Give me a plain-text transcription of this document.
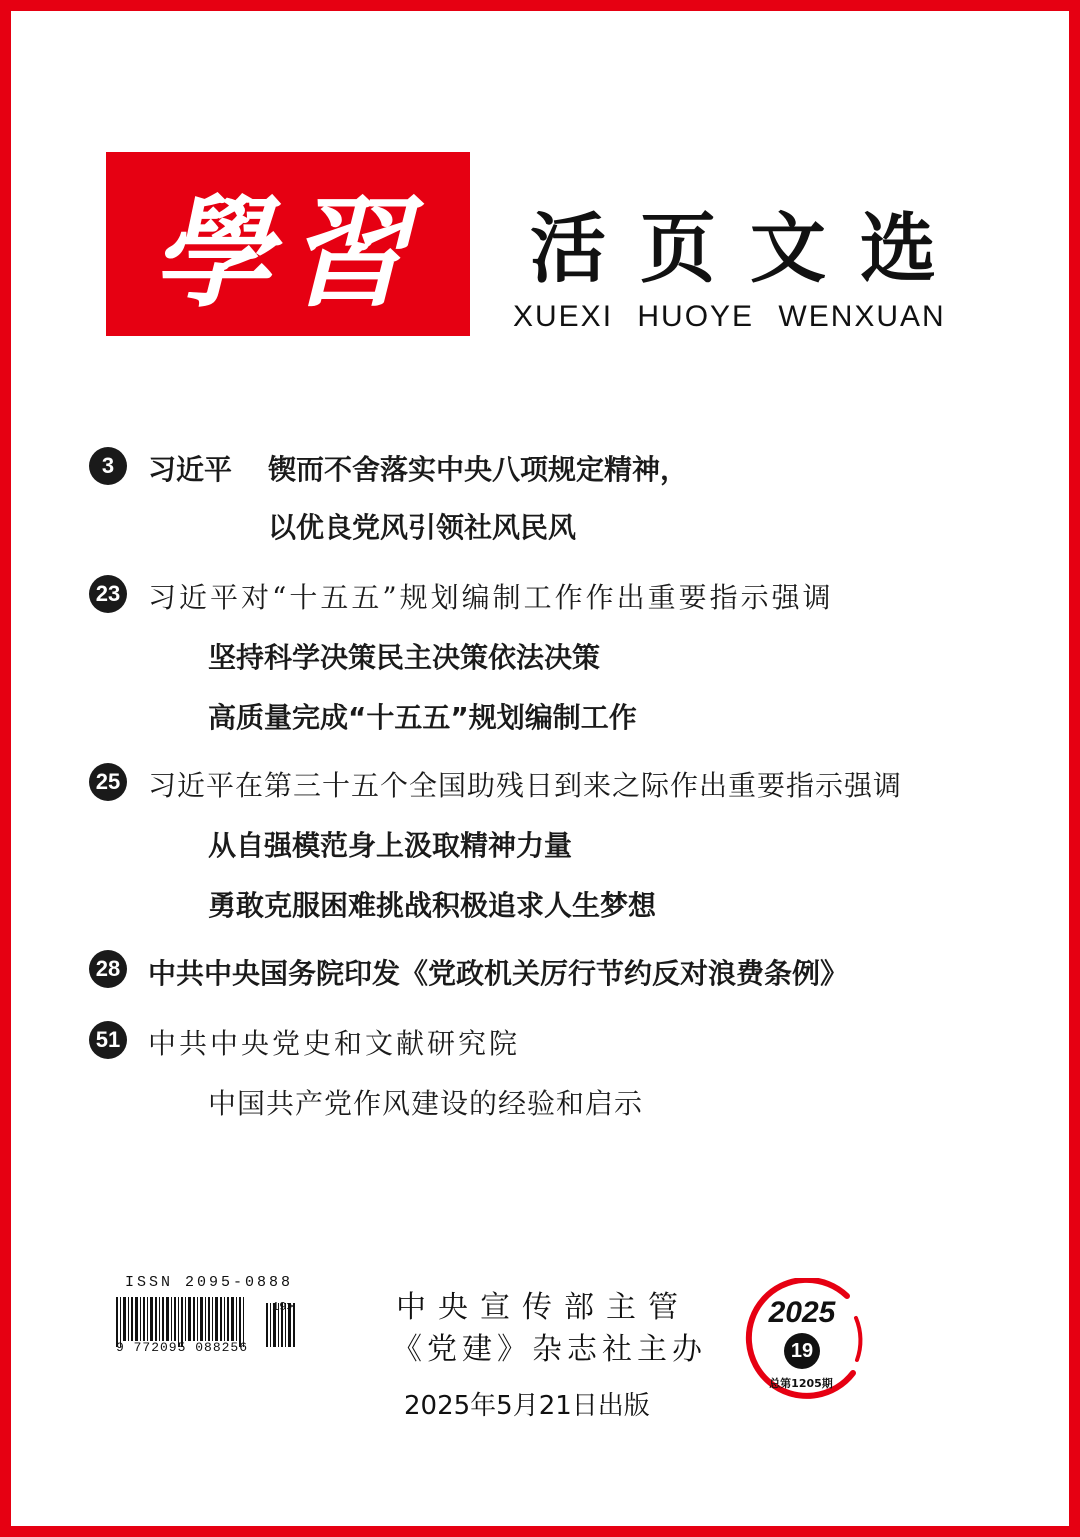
學習	活页文选
XUEXI HUOYE WENXUAN
3	习近平 锲而不舍落实中央八项规定精神，
以优良党风引领社风民风
23 习近平对“十五五”规划编制工作作出重要指示强调
坚持科学决策民主决策依法决策
高质量完成“十五五”规划编制工作
25 习近平在第三十五个全国助残日到来之际作出重要指示强调
从自强模范身上汲取精神力量
勇敢克服困难挑战积极追求人生梦想
28 中共中央国务院印发《党政机关厉行节约反对浪费条例》
51 中共中央党史和文献研究院
中国共产党作风建设的经验和启示
ISSN 2095-0888
9 772095 088256
19>	中央宣传部主管
《党建》杂志社主办
2025年5月21日出版
2025
19
总第1205期
